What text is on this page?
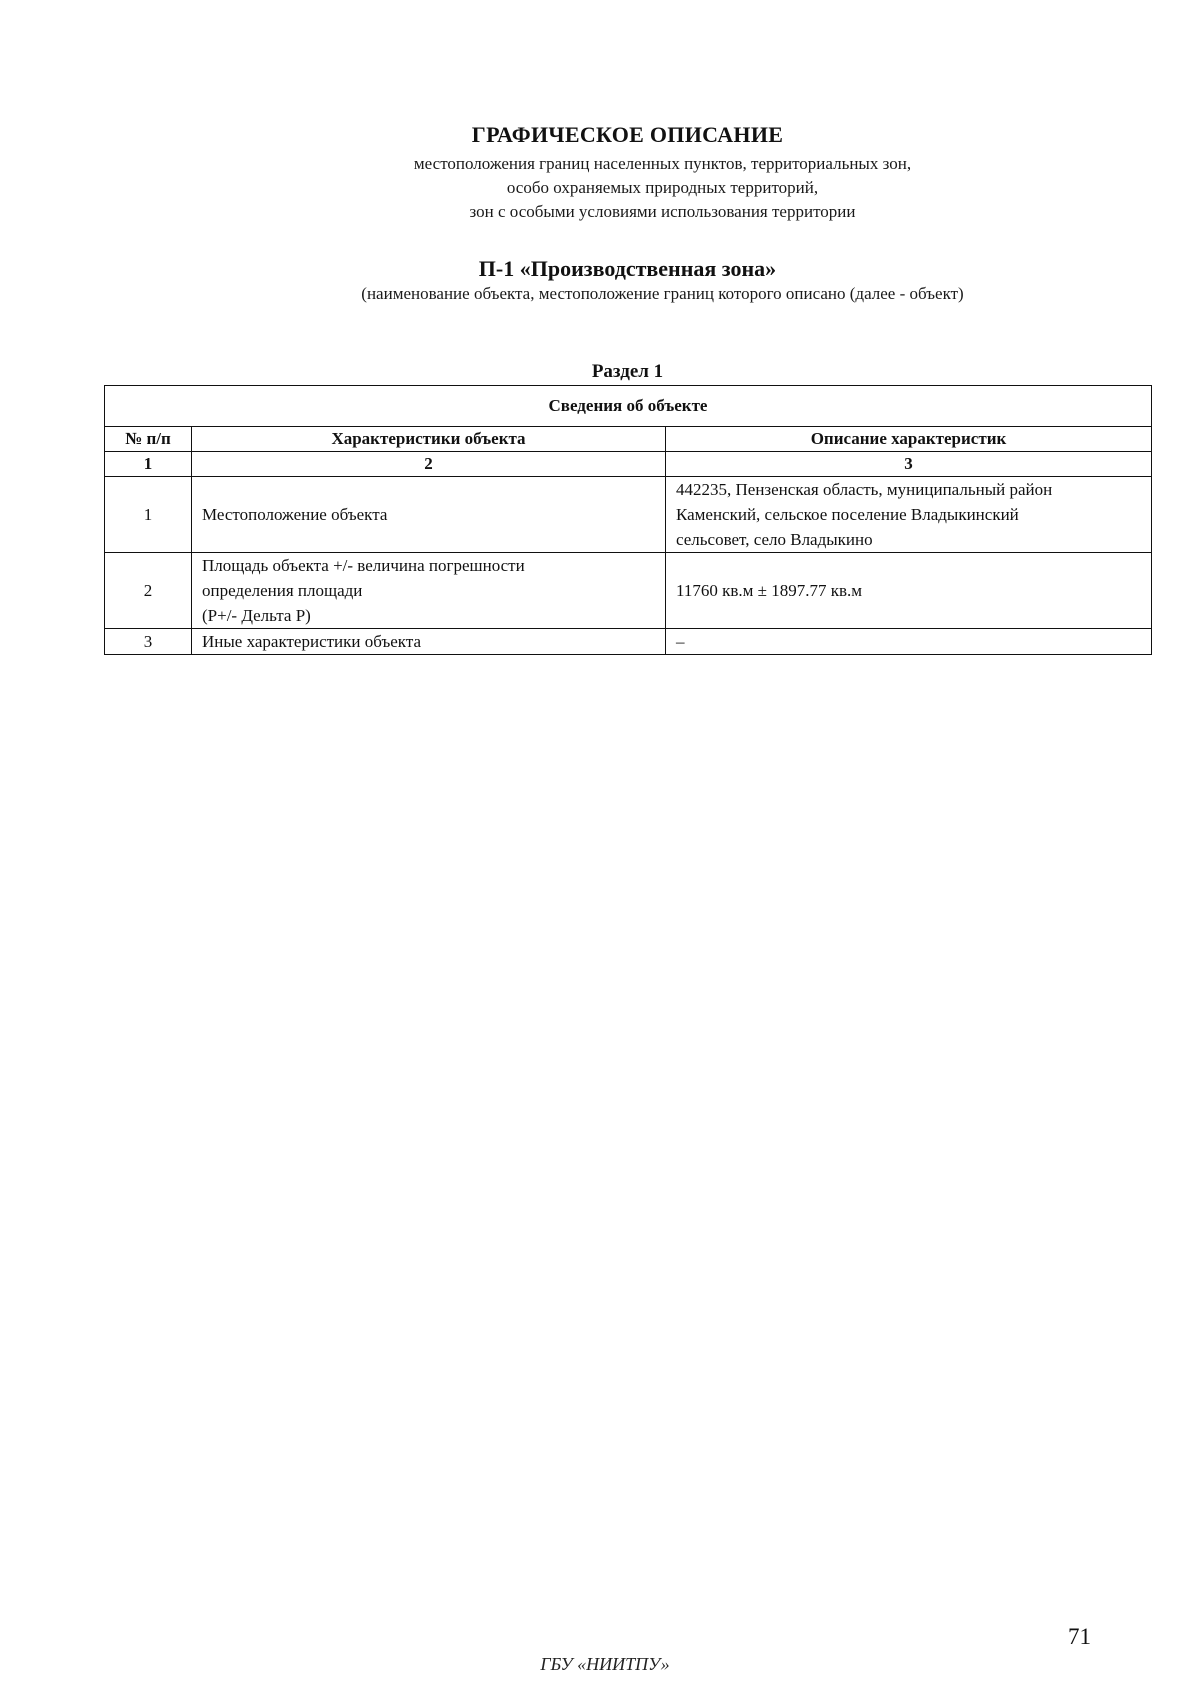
ГРАФИЧЕСКОЕ ОПИСАНИЕ
местоположения границ населенных пунктов, территориальных зон,
особо охраняемых природных территорий,
зон с особыми условиями использования территории
П-1 «Производственная зона»
(наименование объекта, местоположение границ которого описано (далее - объект)
Раздел 1
Сведения об объекте		
№ п/п	Характеристики объекта	Описание характеристик
1	2	3
1	Местоположение объекта	442235, Пензенская область, муниципальный район
Каменский, сельское поселение Владыкинский
сельсовет, село Владыкино

2	Площадь объекта +/- величина погрешности
определения площади
(P+/- Дельта P)	11760 кв.м ± 1897.77 кв.м

3	Иные характеристики объекта	–
71
ГБУ «НИИТПУ»
